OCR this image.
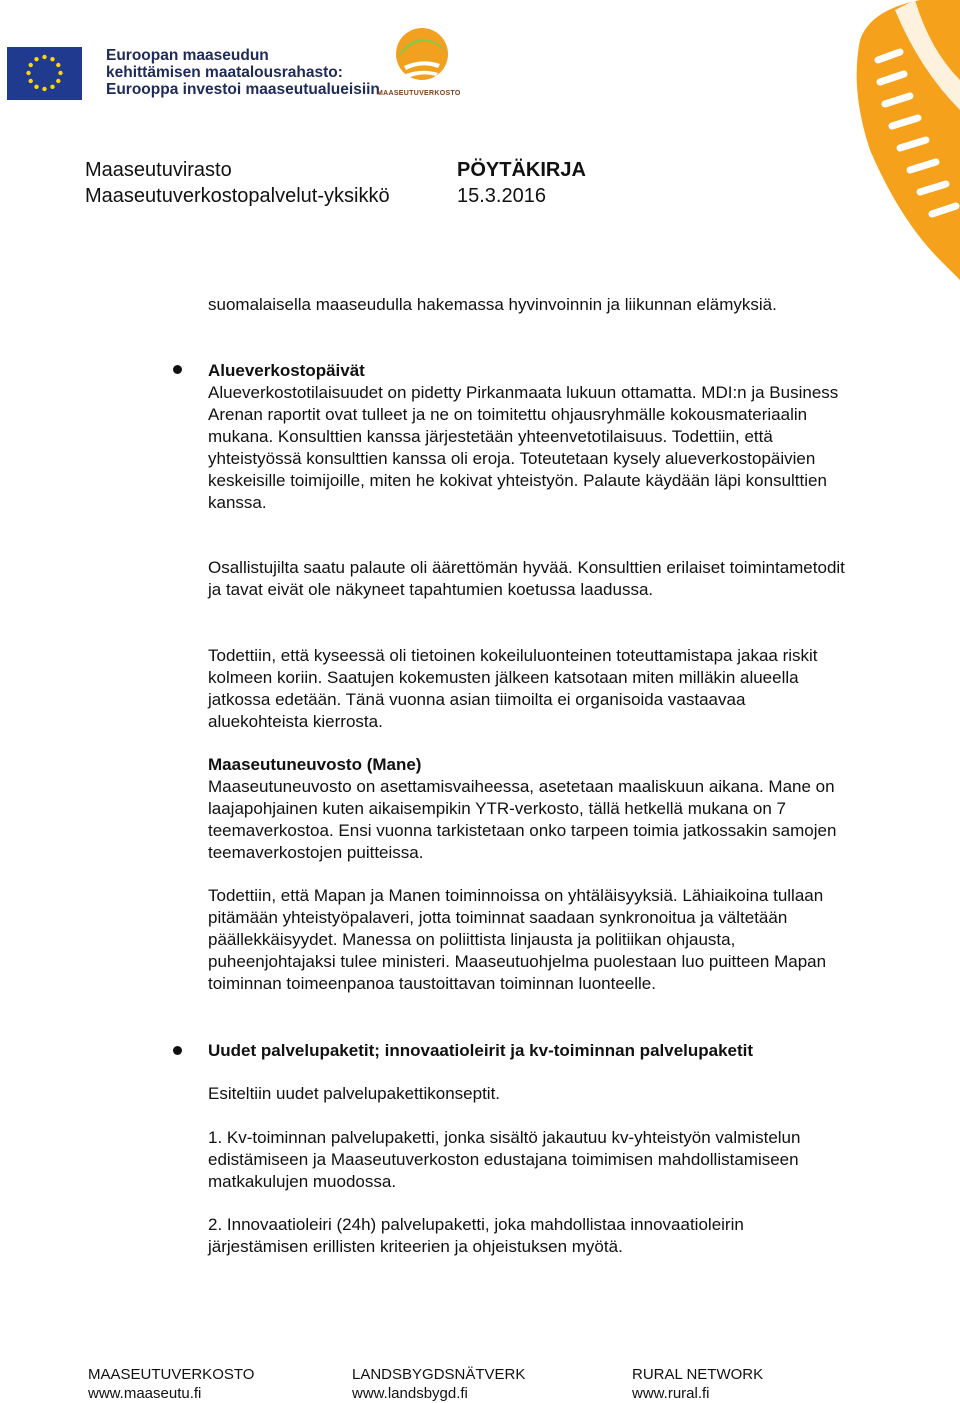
Euroopan maaseudun
kehittämisen maatalousrahasto:
Eurooppa investoi maaseutualueisiin
MAASEUTUVERKOSTO
Maaseutuvirasto
Maaseutuverkostopalvelut-yksikkö
PÖYTÄKIRJA
15.3.2016

suomalaisella maaseudulla hakemassa hyvinvoinnin ja liikunnan elämyksiä.

Alueverkostopäivät

Alueverkostotilaisuudet on pidetty Pirkanmaata lukuun ottamatta. MDI:n ja Business Arenan raportit ovat tulleet ja ne on toimitettu ohjausryhmälle kokousmateriaalin mukana. Konsulttien kanssa järjestetään yhteenvetotilaisuus. Todettiin, että yhteistyössä konsulttien kanssa oli eroja. Toteutetaan kysely alueverkostopäivien keskeisille toimijoille, miten he kokivat yhteistyön. Palaute käydään läpi konsulttien kanssa.

Osallistujilta saatu palaute oli äärettömän hyvää. Konsulttien erilaiset toimintametodit ja tavat eivät ole näkyneet tapahtumien koetussa laadussa.

Todettiin, että kyseessä oli tietoinen kokeiluluonteinen toteuttamistapa jakaa riskit kolmeen koriin. Saatujen kokemusten jälkeen katsotaan miten milläkin alueella jatkossa edetään. Tänä vuonna asian tiimoilta ei organisoida vastaavaa aluekohteista kierrosta.

Maaseutuneuvosto (Mane)

Maaseutuneuvosto on asettamisvaiheessa, asetetaan maaliskuun aikana. Mane on laajapohjainen kuten aikaisempikin YTR-verkosto, tällä hetkellä mukana on 7 teemaverkostoa. Ensi vuonna tarkistetaan onko tarpeen toimia jatkossakin samojen teemaverkostojen puitteissa.

Todettiin, että Mapan ja Manen toiminnoissa on yhtäläisyyksiä. Lähiaikoina tullaan pitämään yhteistyöpalaveri, jotta toiminnat saadaan synkronoitua ja vältetään päällekkäisyydet. Manessa on poliittista linjausta ja politiikan ohjausta, puheenjohtajaksi tulee ministeri. Maaseutuohjelma puolestaan luo puitteen Mapan toiminnan toimeenpanoa taustoittavan toiminnan luonteelle.

Uudet palvelupaketit; innovaatioleirit ja kv-toiminnan palvelupaketit

Esiteltiin uudet palvelupakettikonseptit.

1. Kv-toiminnan palvelupaketti, jonka sisältö jakautuu kv-yhteistyön valmistelun edistämiseen ja Maaseutuverkoston edustajana toimimisen mahdollistamiseen matkakulujen muodossa.

2. Innovaatioleiri (24h) palvelupaketti, joka mahdollistaa innovaatioleirin järjestämisen erillisten kriteerien ja ohjeistuksen myötä.

MAASEUTUVERKOSTO
www.maaseutu.fi
LANDSBYGDSNÄTVERK
www.landsbygd.fi
RURAL NETWORK
www.rural.fi
